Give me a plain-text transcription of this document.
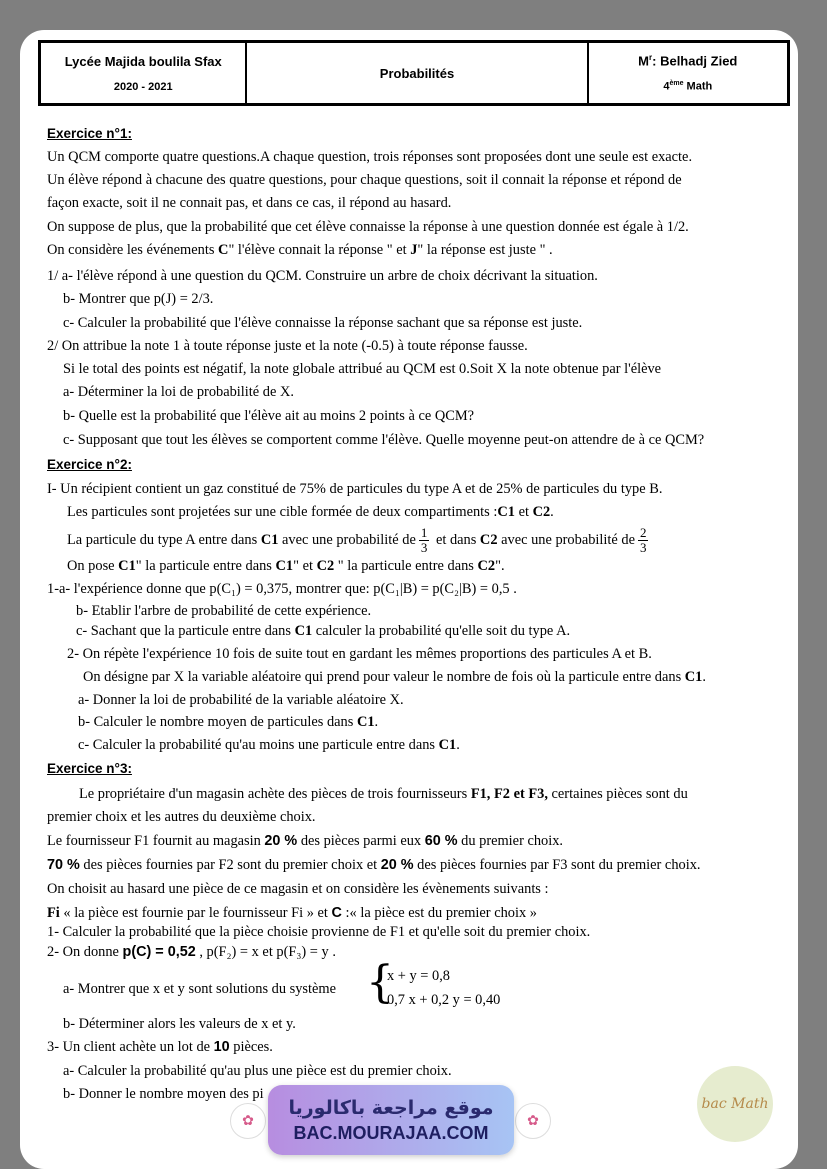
Lycée Majida boulila Sfax
2020 - 2021
Probabilités
$M^r$: Belhadj Zied
4ème Math
Exercice n°1:
Un QCM comporte quatre questions.A chaque question, trois réponses sont proposées dont une seule est exacte.
Un élève répond à chacune des quatre questions, pour chaque questions, soit il connait la réponse et répond de
façon exacte, soit il ne connait pas, et dans ce cas, il répond au hasard.
On suppose de plus, que la probabilité que cet élève connaisse la réponse à une question donnée est égale à 1/2.
On considère les événements C" l'élève connait la réponse " et J" la réponse est juste " .
1/ a- l'élève répond à une question du QCM. Construire un arbre de choix décrivant la situation.
b- Montrer que p(J) = 2/3.
c- Calculer la probabilité que l'élève connaisse la réponse sachant que sa réponse est juste.
2/ On attribue la note 1 à toute réponse juste et la note (-0.5) à toute réponse fausse.
Si le total des points est négatif, la note globale attribué au QCM est 0.Soit X la note obtenue par l'élève
a- Déterminer la loi de probabilité de X.
b- Quelle est la probabilité que l'élève ait au moins 2 points à ce QCM?
c- Supposant que tout les élèves se comportent comme l'élève. Quelle moyenne peut-on attendre de à ce QCM?
Exercice n°2:
I- Un récipient contient un gaz constitué de 75% de particules du type A et de 25% de particules du type B.
Les particules sont projetées sur une cible formée de deux compartiments :C1 et C2.
La particule du type A entre dans C1 avec une probabilité de $\frac{1}{3}$ et dans C2 avec une probabilité de $\frac{2}{3}$
On pose C1" la particule entre dans C1" et C2 " la particule entre dans C2".
1-a- l'expérience donne que p(C₁) = 0,375, montrer que: p(C₁|B) = p(C₂|B) = 0,5 .
b- Etablir l'arbre de probabilité de cette expérience.
c- Sachant que la particule entre dans C1 calculer la probabilité qu'elle soit du type A.
2- On répète l'expérience 10 fois de suite tout en gardant les mêmes proportions des particules A et B.
On désigne par X la variable aléatoire qui prend pour valeur le nombre de fois où la particule entre dans C1.
a- Donner la loi de probabilité de la variable aléatoire X.
b- Calculer le nombre moyen de particules dans C1.
c- Calculer la probabilité qu'au moins une particule entre dans C1.
Exercice n°3:
Le propriétaire d'un magasin achète des pièces de trois fournisseurs F1, F2 et F3, certaines pièces sont du
premier choix et les autres du deuxième choix.
Le fournisseur F1 fournit au magasin 20 % des pièces parmi eux 60 % du premier choix.
70 % des pièces fournies par F2 sont du premier choix et 20 % des pièces fournies par F3 sont du premier choix.
On choisit au hasard une pièce de ce magasin et on considère les évènements suivants :
Fi « la pièce est fournie par le fournisseur Fi » et C :« la pièce est du premier choix »
1- Calculer la probabilité que la pièce choisie provienne de F1 et qu'elle soit du premier choix.
2- On donne p(C) = 0,52 , p(F₂) = x et p(F₃) = y .
a- Montrer que x et y sont solutions du système {
x + y = 0,8
0,7 x + 0,2 y = 0,40
b- Déterminer alors les valeurs de x et y.
3- Un client achète un lot de 10 pièces.
a- Calculer la probabilité qu'au plus une pièce est du premier choix.
b- Donner le nombre moyen des pi
✿	✿
موقع مراجعة باكالوريا
BAC.MOURAJAA.COM
bac Math
